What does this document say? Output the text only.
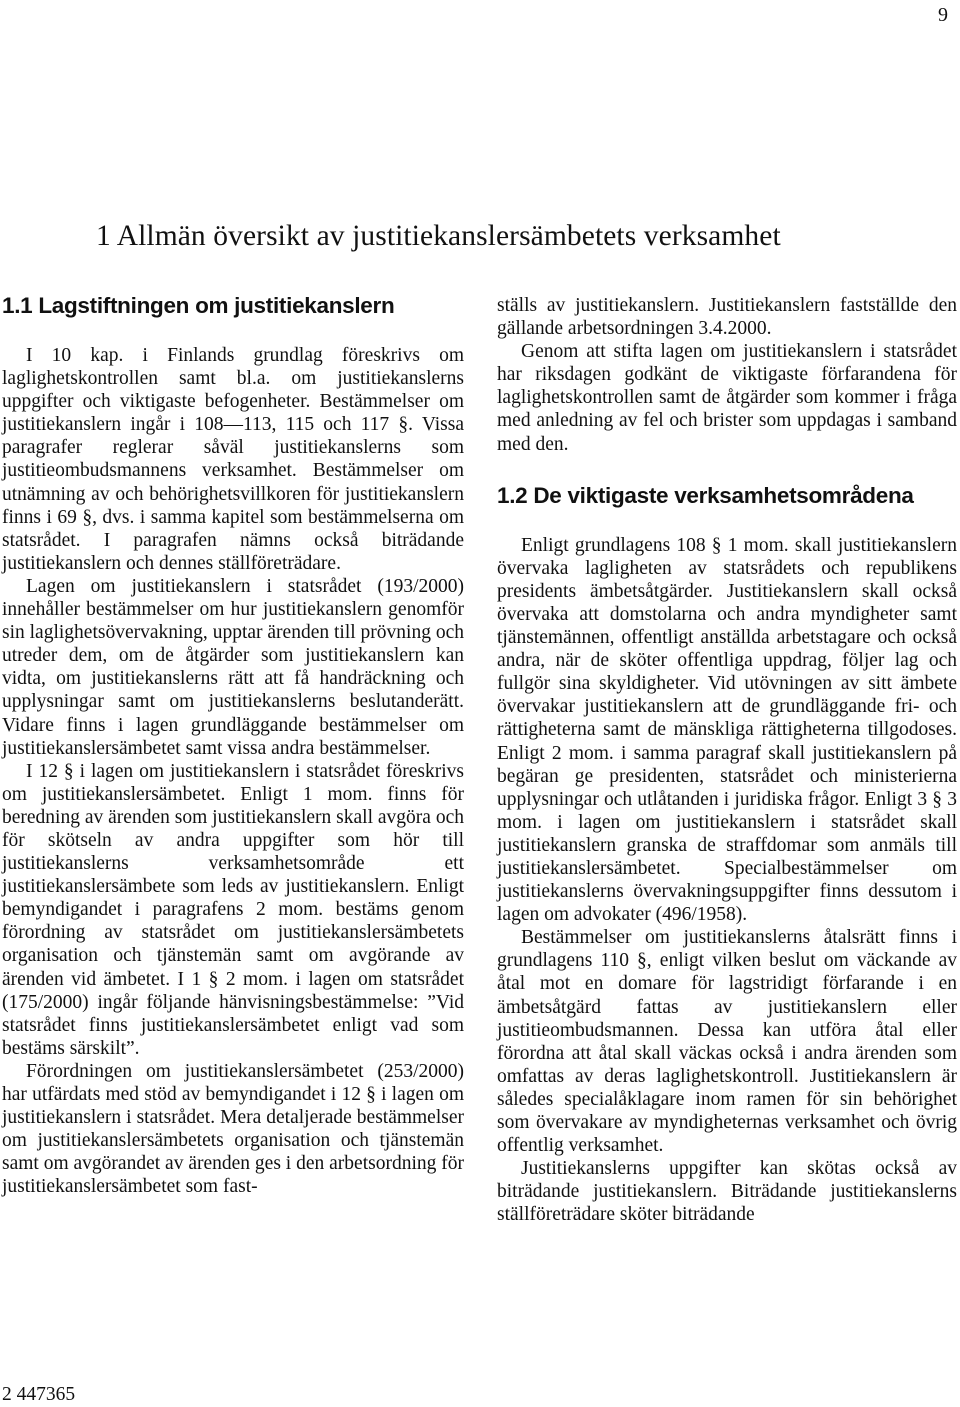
9
1 Allmän översikt av justitiekanslersämbetets verksamhet
1.1 Lagstiftningen om justitiekanslern

I 10 kap. i Finlands grundlag föreskrivs om laglighetskontrollen samt bl.a. om justitiekanslerns uppgifter och viktigaste befogenheter. Bestämmelser om justitiekanslern ingår i 108—113, 115 och 117 §. Vissa paragrafer reglerar såväl justitiekanslerns som justitieombudsmannens verksamhet. Bestämmelser om utnämning av och behörighetsvillkoren för justitiekanslern finns i 69 §, dvs. i samma kapitel som bestämmelserna om statsrådet. I paragrafen nämns också biträdande justitiekanslern och dennes ställföreträdare.

Lagen om justitiekanslern i statsrådet (193/2000) innehåller bestämmelser om hur justitiekanslern genomför sin laglighetsövervakning, upptar ärenden till prövning och utreder dem, om de åtgärder som justitiekanslern kan vidta, om justitiekanslerns rätt att få handräckning och upplysningar samt om justitiekanslerns beslutanderätt. Vidare finns i lagen grundläggande bestämmelser om justitiekanslersämbetet samt vissa andra bestämmelser.

I 12 § i lagen om justitiekanslern i statsrådet föreskrivs om justitiekanslersämbetet. Enligt 1 mom. finns för beredning av ärenden som justitiekanslern skall avgöra och för skötseln av andra uppgifter som hör till justitiekanslerns verksamhetsområde ett justitiekanslersämbete som leds av justitiekanslern. Enligt bemyndigandet i paragrafens 2 mom. bestäms genom förordning av statsrådet om justitiekanslersämbetets organisation och tjänstemän samt om avgörande av ärenden vid ämbetet. I 1 § 2 mom. i lagen om statsrådet (175/2000) ingår följande hänvisningsbestämmelse: ”Vid statsrådet finns justitiekanslersämbetet enligt vad som bestäms särskilt”.

Förordningen om justitiekanslersämbetet (253/2000) har utfärdats med stöd av bemyndigandet i 12 § i lagen om justitiekanslern i statsrådet. Mera detaljerade bestämmelser om justitiekanslersämbetets organisation och tjänstemän samt om avgörandet av ärenden ges i den arbetsordning för justitiekanslersämbetet som fast-

ställs av justitiekanslern. Justitiekanslern fastställde den gällande arbetsordningen 3.4.2000.

Genom att stifta lagen om justitiekanslern i statsrådet har riksdagen godkänt de viktigaste förfarandena för laglighetskontrollen samt de åtgärder som kommer i fråga med anledning av fel och brister som uppdagas i samband med den.

1.2 De viktigaste verksamhetsområdena

Enligt grundlagens 108 § 1 mom. skall justitiekanslern övervaka lagligheten av statsrådets och republikens presidents ämbetsåtgärder. Justitiekanslern skall också övervaka att domstolarna och andra myndigheter samt tjänstemännen, offentligt anställda arbetstagare och också andra, när de sköter offentliga uppdrag, följer lag och fullgör sina skyldigheter. Vid utövningen av sitt ämbete övervakar justitiekanslern att de grundläggande fri- och rättigheterna samt de mänskliga rättigheterna tillgodoses. Enligt 2 mom. i samma paragraf skall justitiekanslern på begäran ge presidenten, statsrådet och ministerierna upplysningar och utlåtanden i juridiska frågor. Enligt 3 § 3 mom. i lagen om justitiekanslern i statsrådet skall justitiekanslern granska de straffdomar som anmäls till justitiekanslersämbetet. Specialbestämmelser om justitiekanslerns övervakningsuppgifter finns dessutom i lagen om advokater (496/1958).

Bestämmelser om justitiekanslerns åtalsrätt finns i grundlagens 110 §, enligt vilken beslut om väckande av åtal mot en domare för lagstridigt förfarande i en ämbetsåtgärd fattas av justitiekanslern eller justitieombudsmannen. Dessa kan utföra åtal eller förordna att åtal skall väckas också i andra ärenden som omfattas av deras laglighetskontroll. Justitiekanslern är således specialåklagare inom ramen för sin behörighet som övervakare av myndigheternas verksamhet och övrig offentlig verksamhet.

Justitiekanslerns uppgifter kan skötas också av biträdande justitiekanslern. Biträdande justitiekanslerns ställföreträdare sköter biträdande

2 447365
